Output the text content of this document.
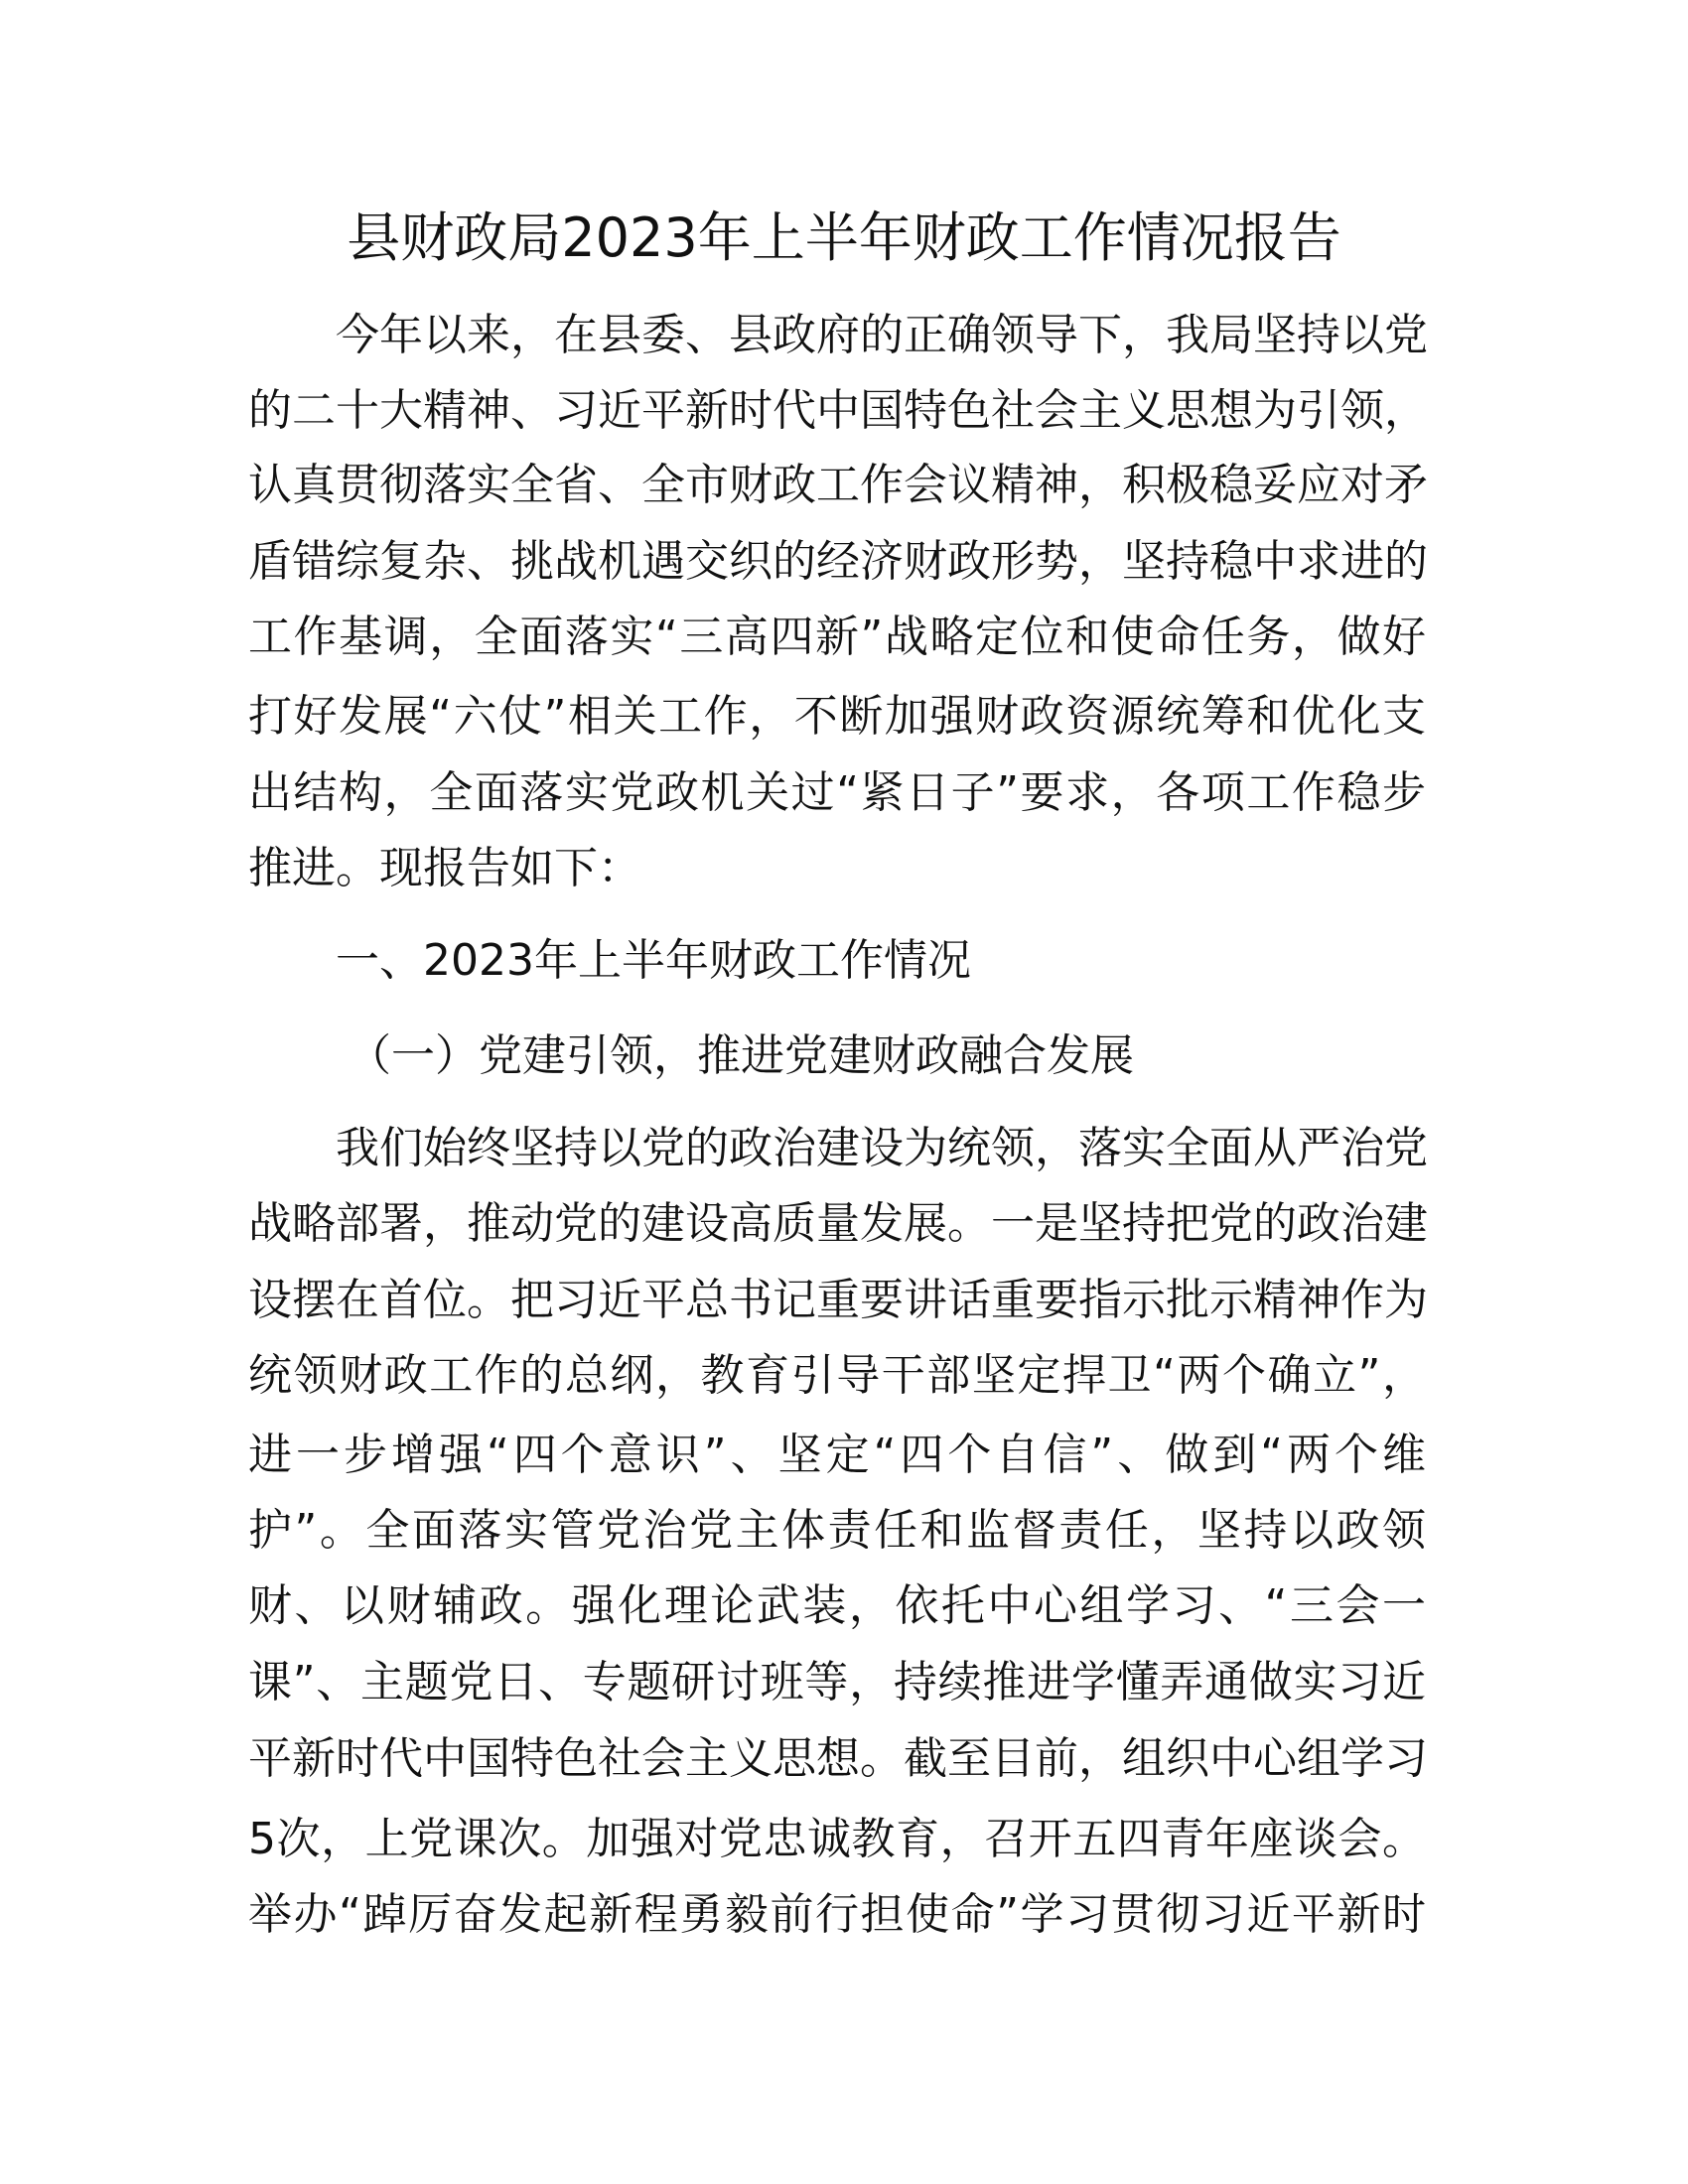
县财政局2023年上半年财政工作情况报告
今年以来，在县委、县政府的正确领导下，我局坚持以党
的二十大精神、习近平新时代中国特色社会主义思想为引领，
认真贯彻落实全省、全市财政工作会议精神，积极稳妥应对矛
盾错综复杂、挑战机遇交织的经济财政形势，坚持稳中求进的
工作基调，全面落实“三高四新”战略定位和使命任务，做好
打好发展“六仗”相关工作，不断加强财政资源统筹和优化支
出结构，全面落实党政机关过“紧日子”要求，各项工作稳步
推进。现报告如下：
一、2023年上半年财政工作情况
（一）党建引领，推进党建财政融合发展
我们始终坚持以党的政治建设为统领，落实全面从严治党
战略部署，推动党的建设高质量发展。一是坚持把党的政治建
设摆在首位。把习近平总书记重要讲话重要指示批示精神作为
统领财政工作的总纲，教育引导干部坚定捍卫“两个确立”，
进一步增强“四个意识”、坚定“四个自信”、做到“两个维
护”。全面落实管党治党主体责任和监督责任，坚持以政领
财、以财辅政。强化理论武装，依托中心组学习、“三会一
课”、主题党日、专题研讨班等，持续推进学懂弄通做实习近
平新时代中国特色社会主义思想。截至目前，组织中心组学习
5次，上党课次。加强对党忠诚教育，召开五四青年座谈会。
举办“踔厉奋发起新程勇毅前行担使命”学习贯彻习近平新时
